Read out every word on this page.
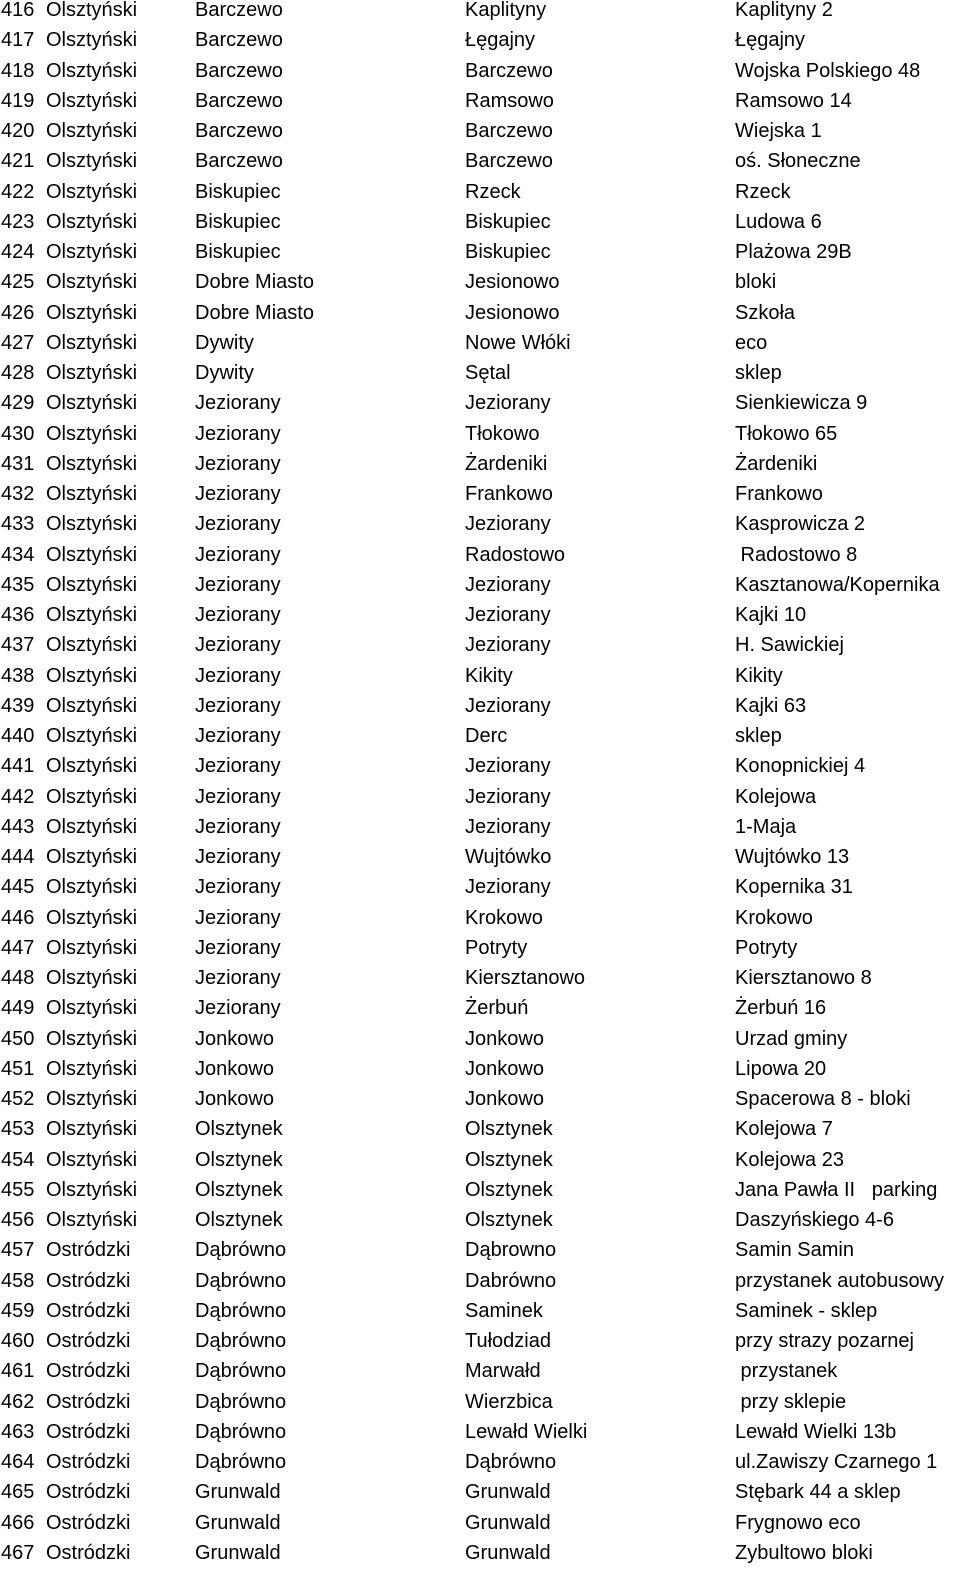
416 Olsztyński	Barczewo	Kaplityny	Kaplityny 2
417 Olsztyński	Barczewo	Łęgajny	Łęgajny
418 Olsztyński	Barczewo	Barczewo	Wojska Polskiego 48
419 Olsztyński	Barczewo	Ramsowo	Ramsowo 14
420 Olsztyński	Barczewo	Barczewo	Wiejska 1
421 Olsztyński	Barczewo	Barczewo	oś. Słoneczne
422 Olsztyński	Biskupiec	Rzeck	Rzeck
423 Olsztyński	Biskupiec	Biskupiec	Ludowa 6
424 Olsztyński	Biskupiec	Biskupiec	Plażowa 29B
425 Olsztyński	Dobre Miasto	Jesionowo	bloki
426 Olsztyński	Dobre Miasto	Jesionowo	Szkoła
427 Olsztyński	Dywity	Nowe Włóki	eco
428 Olsztyński	Dywity	Sętal	sklep
429 Olsztyński	Jeziorany	Jeziorany	Sienkiewicza 9
430 Olsztyński	Jeziorany	Tłokowo	Tłokowo 65
431 Olsztyński	Jeziorany	Żardeniki	Żardeniki
432 Olsztyński	Jeziorany	Frankowo	Frankowo
433 Olsztyński	Jeziorany	Jeziorany	Kasprowicza 2
434 Olsztyński	Jeziorany	Radostowo	Radostowo 8
435 Olsztyński	Jeziorany	Jeziorany	Kasztanowa/Kopernika
436 Olsztyński	Jeziorany	Jeziorany	Kajki 10
437 Olsztyński	Jeziorany	Jeziorany	H. Sawickiej
438 Olsztyński	Jeziorany	Kikity	Kikity
439 Olsztyński	Jeziorany	Jeziorany	Kajki 63
440 Olsztyński	Jeziorany	Derc	sklep
441 Olsztyński	Jeziorany	Jeziorany	Konopnickiej 4
442 Olsztyński	Jeziorany	Jeziorany	Kolejowa
443 Olsztyński	Jeziorany	Jeziorany	1-Maja
444 Olsztyński	Jeziorany	Wujtówko	Wujtówko 13
445 Olsztyński	Jeziorany	Jeziorany	Kopernika 31
446 Olsztyński	Jeziorany	Krokowo	Krokowo
447 Olsztyński	Jeziorany	Potryty	Potryty
448 Olsztyński	Jeziorany	Kiersztanowo	Kiersztanowo 8
449 Olsztyński	Jeziorany	Żerbuń	Żerbuń 16
450 Olsztyński	Jonkowo	Jonkowo	Urzad gminy
451 Olsztyński	Jonkowo	Jonkowo	Lipowa 20
452 Olsztyński	Jonkowo	Jonkowo	Spacerowa 8 - bloki
453 Olsztyński	Olsztynek	Olsztynek	Kolejowa 7
454 Olsztyński	Olsztynek	Olsztynek	Kolejowa 23
455 Olsztyński	Olsztynek	Olsztynek	Jana Pawła II   parking
456 Olsztyński	Olsztynek	Olsztynek	Daszyńskiego 4-6
457 Ostródzki	Dąbrówno	Dąbrowno	Samin Samin
458 Ostródzki	Dąbrówno	Dabrówno	przystanek autobusowy
459 Ostródzki	Dąbrówno	Saminek	Saminek - sklep
460 Ostródzki	Dąbrówno	Tułodziad	przy strazy pozarnej
461 Ostródzki	Dąbrówno	Marwałd	przystanek
462 Ostródzki	Dąbrówno	Wierzbica	przy sklepie
463 Ostródzki	Dąbrówno	Lewałd Wielki	Lewałd Wielki 13b
464 Ostródzki	Dąbrówno	Dąbrówno	ul.Zawiszy Czarnego 1
465 Ostródzki	Grunwald	Grunwald	Stębark 44 a sklep
466 Ostródzki	Grunwald	Grunwald	Frygnowo eco
467 Ostródzki	Grunwald	Grunwald	Zybultowo bloki
